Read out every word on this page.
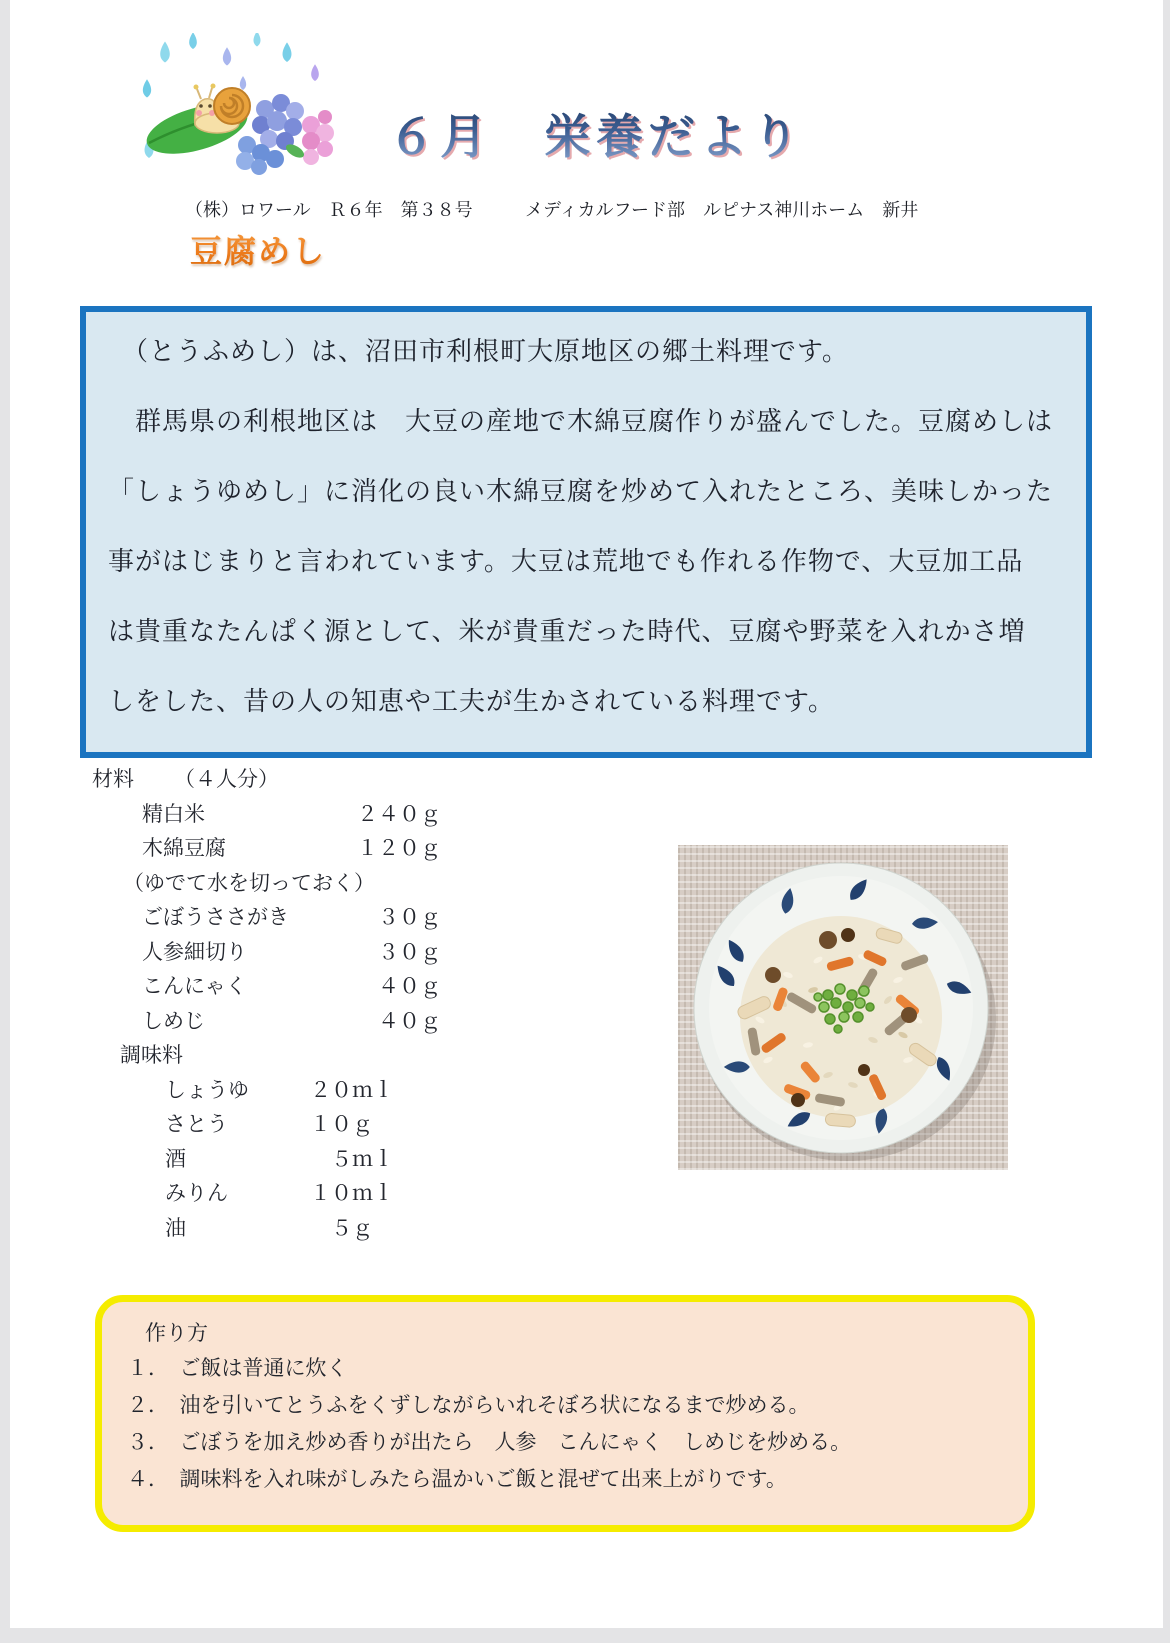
６月　栄養だより
（株）ロワール　Ｒ６年　第３８号	メディカルフード部　ルピナス神川ホーム　新井
豆腐めし
　（とうふめし）は、沼田市利根町大原地区の郷土料理です。
　群馬県の利根地区は　大豆の産地で木綿豆腐作りが盛んでした。豆腐めしは
「しょうゆめし」に消化の良い木綿豆腐を炒めて入れたところ、美味しかった
事がはじまりと言われています。大豆は荒地でも作れる作物で、大豆加工品
は貴重なたんぱく源として、米が貴重だった時代、豆腐や野菜を入れかさ増
しをした、昔の人の知恵や工夫が生かされている料理です。
材料 （４人分）
精白米	２４０ｇ
木綿豆腐	１２０ｇ
（ゆでて水を切っておく）
ごぼうささがき	　３０ｇ
人参細切り	　３０ｇ
こんにゃく	　４０ｇ
しめじ	　４０ｇ
調味料
しょうゆ	２０ｍｌ
さとう	１０ｇ
酒	　５ｍｌ
みりん	１０ｍｌ
油	　５ｇ
作り方
１．　ご飯は普通に炊く
２．　油を引いてとうふをくずしながらいれそぼろ状になるまで炒める。
３．　ごぼうを加え炒め香りが出たら　人参　こんにゃく　しめじを炒める。
４．　調味料を入れ味がしみたら温かいご飯と混ぜて出来上がりです。
